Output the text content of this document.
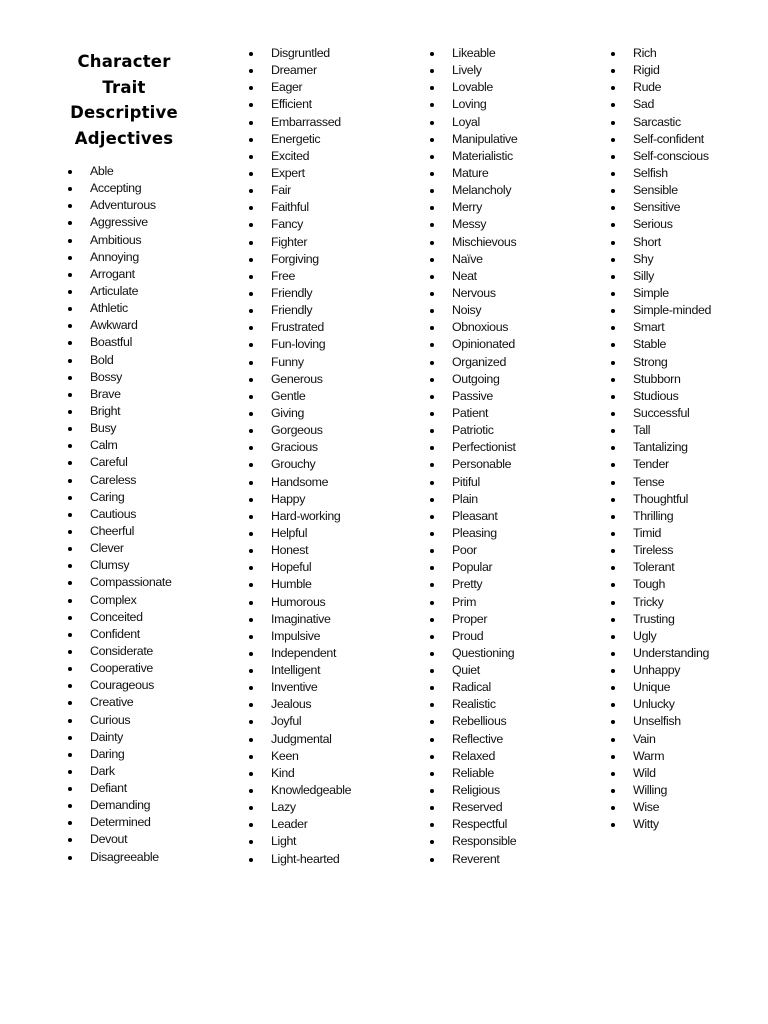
Character
Trait
Descriptive
Adjectives
Able
Accepting
Adventurous
Aggressive
Ambitious
Annoying
Arrogant
Articulate
Athletic
Awkward
Boastful
Bold
Bossy
Brave
Bright
Busy
Calm
Careful
Careless
Caring
Cautious
Cheerful
Clever
Clumsy
Compassionate
Complex
Conceited
Confident
Considerate
Cooperative
Courageous
Creative
Curious
Dainty
Daring
Dark
Defiant
Demanding
Determined
Devout
Disagreeable
Disgruntled
Dreamer
Eager
Efficient
Embarrassed
Energetic
Excited
Expert
Fair
Faithful
Fancy
Fighter
Forgiving
Free
Friendly
Friendly
Frustrated
Fun-loving
Funny
Generous
Gentle
Giving
Gorgeous
Gracious
Grouchy
Handsome
Happy
Hard-working
Helpful
Honest
Hopeful
Humble
Humorous
Imaginative
Impulsive
Independent
Intelligent
Inventive
Jealous
Joyful
Judgmental
Keen
Kind
Knowledgeable
Lazy
Leader
Light
Light-hearted
Likeable
Lively
Lovable
Loving
Loyal
Manipulative
Materialistic
Mature
Melancholy
Merry
Messy
Mischievous
Naïve
Neat
Nervous
Noisy
Obnoxious
Opinionated
Organized
Outgoing
Passive
Patient
Patriotic
Perfectionist
Personable
Pitiful
Plain
Pleasant
Pleasing
Poor
Popular
Pretty
Prim
Proper
Proud
Questioning
Quiet
Radical
Realistic
Rebellious
Reflective
Relaxed
Reliable
Religious
Reserved
Respectful
Responsible
Reverent
Rich
Rigid
Rude
Sad
Sarcastic
Self-confident
Self-conscious
Selfish
Sensible
Sensitive
Serious
Short
Shy
Silly
Simple
Simple-minded
Smart
Stable
Strong
Stubborn
Studious
Successful
Tall
Tantalizing
Tender
Tense
Thoughtful
Thrilling
Timid
Tireless
Tolerant
Tough
Tricky
Trusting
Ugly
Understanding
Unhappy
Unique
Unlucky
Unselfish
Vain
Warm
Wild
Willing
Wise
Witty
